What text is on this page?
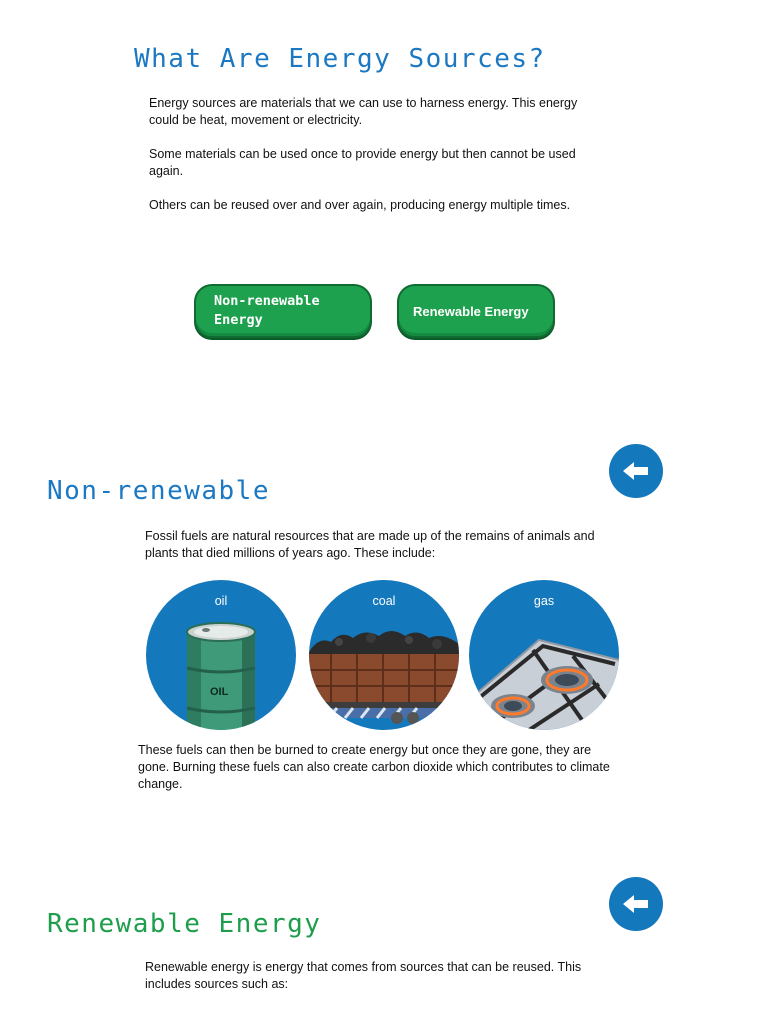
What Are Energy Sources?

Energy sources are materials that we can use to harness energy. This energy could be heat, movement or electricity.

Some materials can be used once to provide energy but then cannot be used again.

Others can be reused over and over again, producing energy multiple times.

Non-renewable
Energy
Renewable Energy
Non-renewable

Fossil fuels are natural resources that are made up of the remains of animals and plants that died millions of years ago. These include:

oil
OIL
coal	gas

These fuels can then be burned to create energy but once they are gone, they are gone. Burning these fuels can also create carbon dioxide which contributes to climate change.

Renewable Energy

Renewable energy is energy that comes from sources that can be reused. This includes sources such as:
